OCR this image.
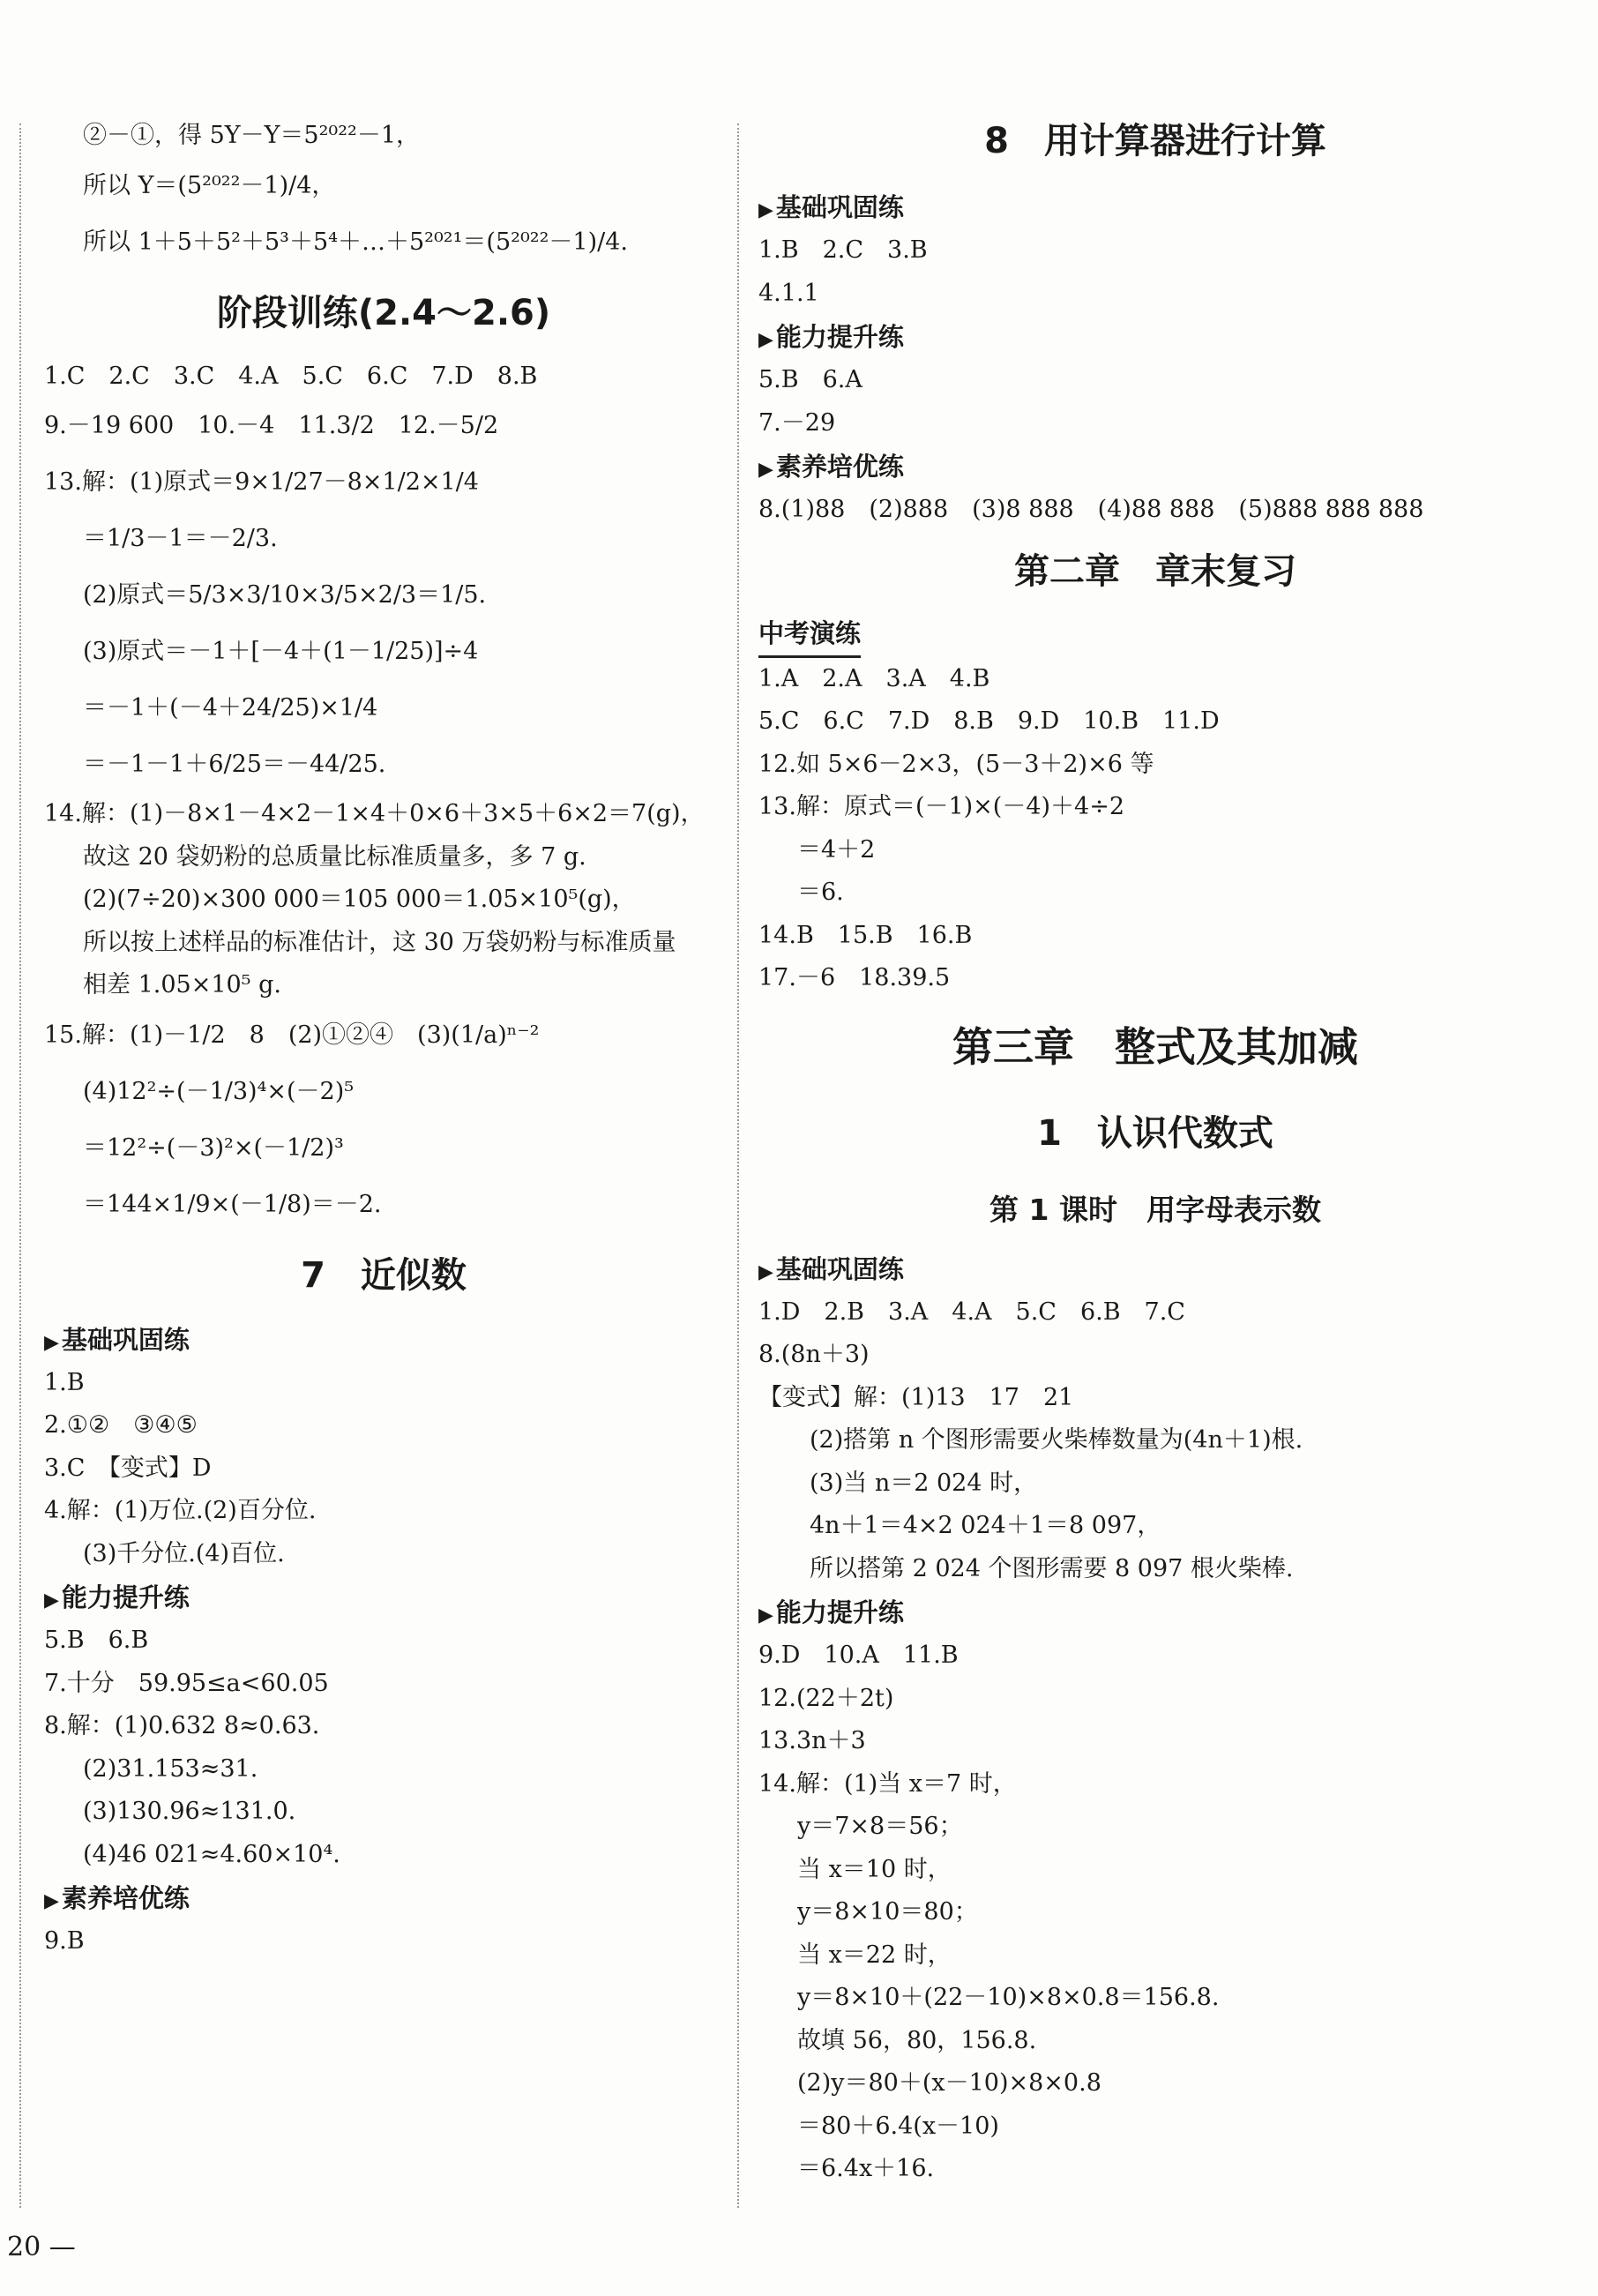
②－①，得 5Y－Y＝5²⁰²²－1，
所以 Y＝(5²⁰²²－1)/4，
所以 1＋5＋5²＋5³＋5⁴＋…＋5²⁰²¹＝(5²⁰²²－1)/4.
阶段训练(2.4～2.6)
1.C　2.C　3.C　4.A　5.C　6.C　7.D　8.B
9.－19 600　10.－4　11.3/2　12.－5/2
13.解：(1)原式＝9×1/27－8×1/2×1/4
＝1/3－1＝－2/3.
(2)原式＝5/3×3/10×3/5×2/3＝1/5.
(3)原式＝－1＋[－4＋(1－1/25)]÷4
＝－1＋(－4＋24/25)×1/4
＝－1－1＋6/25＝－44/25.
14.解：(1)－8×1－4×2－1×4＋0×6＋3×5＋6×2＝7(g)，
故这 20 袋奶粉的总质量比标准质量多，多 7 g.
(2)(7÷20)×300 000＝105 000＝1.05×10⁵(g)，
所以按上述样品的标准估计，这 30 万袋奶粉与标准质量
相差 1.05×10⁵ g.
15.解：(1)－1/2　8　(2)①②④　(3)(1/a)ⁿ⁻²
(4)12²÷(－1/3)⁴×(－2)⁵
＝12²÷(－3)²×(－1/2)³
＝144×1/9×(－1/8)＝－2.
7　近似数
▶ 基础巩固练
1.B
2.①②　③④⑤
3.C　【变式】D
4.解：(1)万位.(2)百分位.
(3)千分位.(4)百位.
▶ 能力提升练
5.B　6.B
7.十分　59.95≤a<60.05
8.解：(1)0.632 8≈0.63.
(2)31.153≈31.
(3)130.96≈131.0.
(4)46 021≈4.60×10⁴.
▶ 素养培优练
9.B
8　用计算器进行计算
▶ 基础巩固练
1.B　2.C　3.B
4.1.1
▶ 能力提升练
5.B　6.A
7.－29
▶ 素养培优练
8.(1)88　(2)888　(3)8 888　(4)88 888　(5)888 888 888
第二章　章末复习
中考演练
1.A　2.A　3.A　4.B
5.C　6.C　7.D　8.B　9.D　10.B　11.D
12.如 5×6－2×3，(5－3＋2)×6 等
13.解：原式＝(－1)×(－4)＋4÷2
＝4＋2
＝6.
14.B　15.B　16.B
17.－6　18.39.5
第三章　整式及其加减
1　认识代数式
第 1 课时　用字母表示数
▶ 基础巩固练
1.D　2.B　3.A　4.A　5.C　6.B　7.C
8.(8n＋3)
【变式】解：(1)13　17　21
(2)搭第 n 个图形需要火柴棒数量为(4n＋1)根.
(3)当 n＝2 024 时，
4n＋1＝4×2 024＋1＝8 097，
所以搭第 2 024 个图形需要 8 097 根火柴棒.
▶ 能力提升练
9.D　10.A　11.B
12.(22＋2t)
13.3n＋3
14.解：(1)当 x＝7 时，
y＝7×8＝56；
当 x＝10 时，
y＝8×10＝80；
当 x＝22 时，
y＝8×10＋(22－10)×8×0.8＝156.8.
故填 56，80，156.8.
(2)y＝80＋(x－10)×8×0.8
＝80＋6.4(x－10)
＝6.4x＋16.
20 —
